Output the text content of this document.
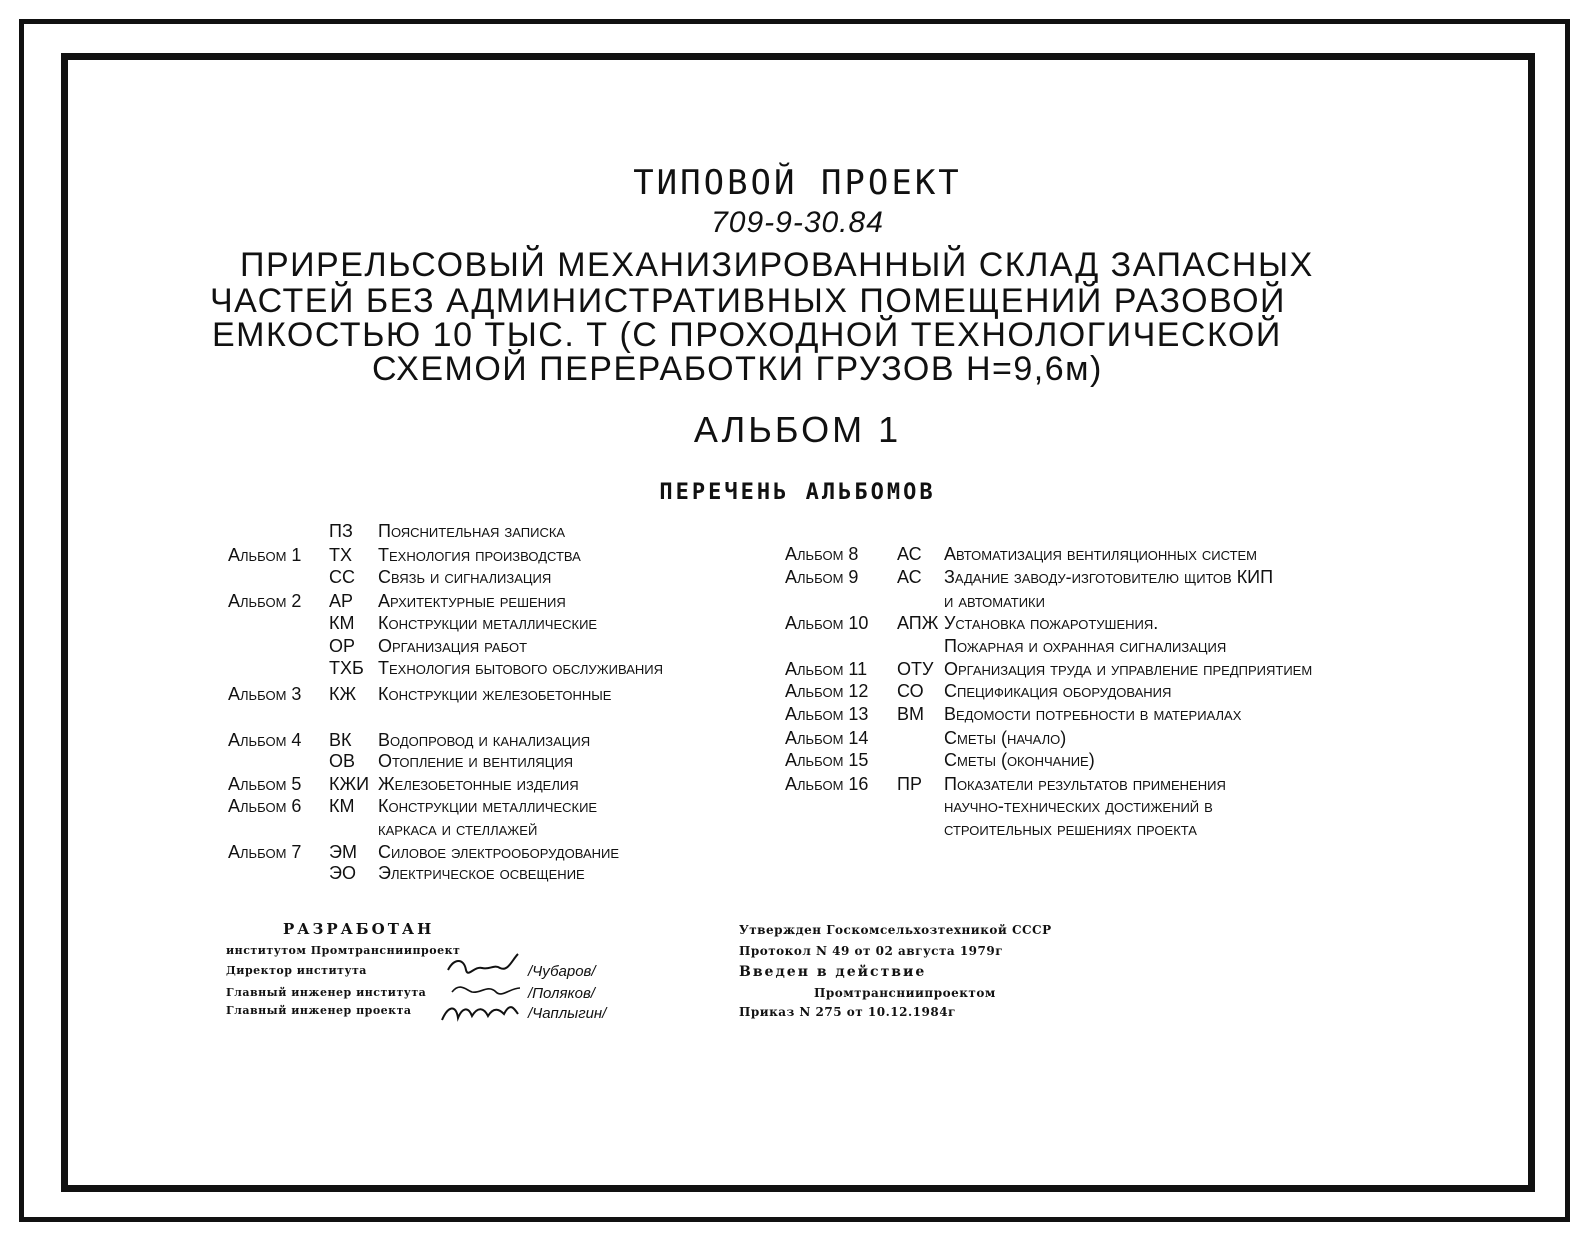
ТИПОВОЙ ПРОЕКТ
709-9-30.84
ПРИРЕЛЬСОВЫЙ МЕХАНИЗИРОВАННЫЙ СКЛАД ЗАПАСНЫХ
ЧАСТЕЙ БЕЗ АДМИНИСТРАТИВНЫХ ПОМЕЩЕНИЙ РАЗОВОЙ
ЕМКОСТЬЮ 10 ТЫС. Т (С ПРОХОДНОЙ ТЕХНОЛОГИЧЕСКОЙ
СХЕМОЙ ПЕРЕРАБОТКИ ГРУЗОВ Н=9,6м)
АЛЬБОМ 1
ПЕРЕЧЕНЬ АЛЬБОМОВ
ПЗ Пояснительная записка
Альбом 1 ТХ Технология производства
СС Связь и сигнализация
Альбом 2 АР Архитектурные решения
КМ Конструкции металлические
ОР Организация работ
ТХБ Технология бытового обслуживания
Альбом 3 КЖ Конструкции железобетонные
Альбом 4 ВК Водопровод и канализация
ОВ Отопление и вентиляция
Альбом 5 КЖИ Железобетонные изделия
Альбом 6 КМ Конструкции металлические
каркаса и стеллажей
Альбом 7 ЭМ Силовое электрооборудование
ЭО Электрическое освещение
Альбом 8 АС Автоматизация вентиляционных систем
Альбом 9 АС Задание заводу-изготовителю щитов КИП
и автоматики
Альбом 10 АПЖ Установка пожаротушения.
Пожарная и охранная сигнализация
Альбом 11 ОТУ Организация труда и управление предприятием
Альбом 12 СО Спецификация оборудования
Альбом 13 ВМ Ведомости потребности в материалах
Альбом 14	Сметы (начало)
Альбом 15	Сметы (окончание)
Альбом 16 ПР Показатели результатов применения
научно-технических достижений в
строительных решениях проекта
РАЗРАБОТАН
институтом Промтрансниипроект
Директор института
Главный инженер института
Главный инженер проекта
/Чубаров/
/Поляков/
/Чаплыгин/
Утвержден Госкомсельхозтехникой СССР
Протокол N 49 от 02 августа 1979г
Введен в действие
Промтрансниипроектом
Приказ N 275 от 10.12.1984г
